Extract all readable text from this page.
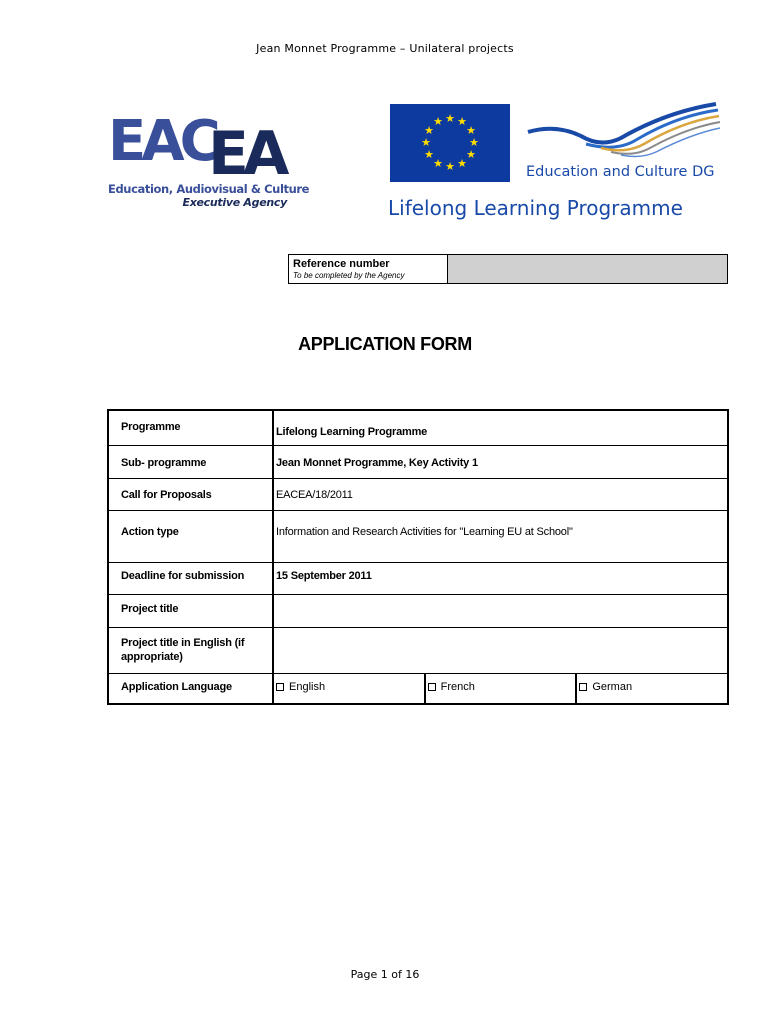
Jean Monnet Programme – Unilateral projects
EAC
EA
Education, Audiovisual & Culture
Executive Agency
★ ★
★
★
★
★
★
★
★
★
★
★
Education and Culture DG
Lifelong Learning Programme
Reference number
To be completed by the Agency
APPLICATION FORM
Programme	Lifelong Learning Programme
Sub- programme	Jean Monnet Programme, Key Activity 1
Call for Proposals	EACEA/18/2011
Action type	Information and Research Activities for "Learning EU at School"
Deadline for submission	15 September 2011
Project title
Project title in English (if appropriate)
Application Language	English	French	German
Page 1 of 16
